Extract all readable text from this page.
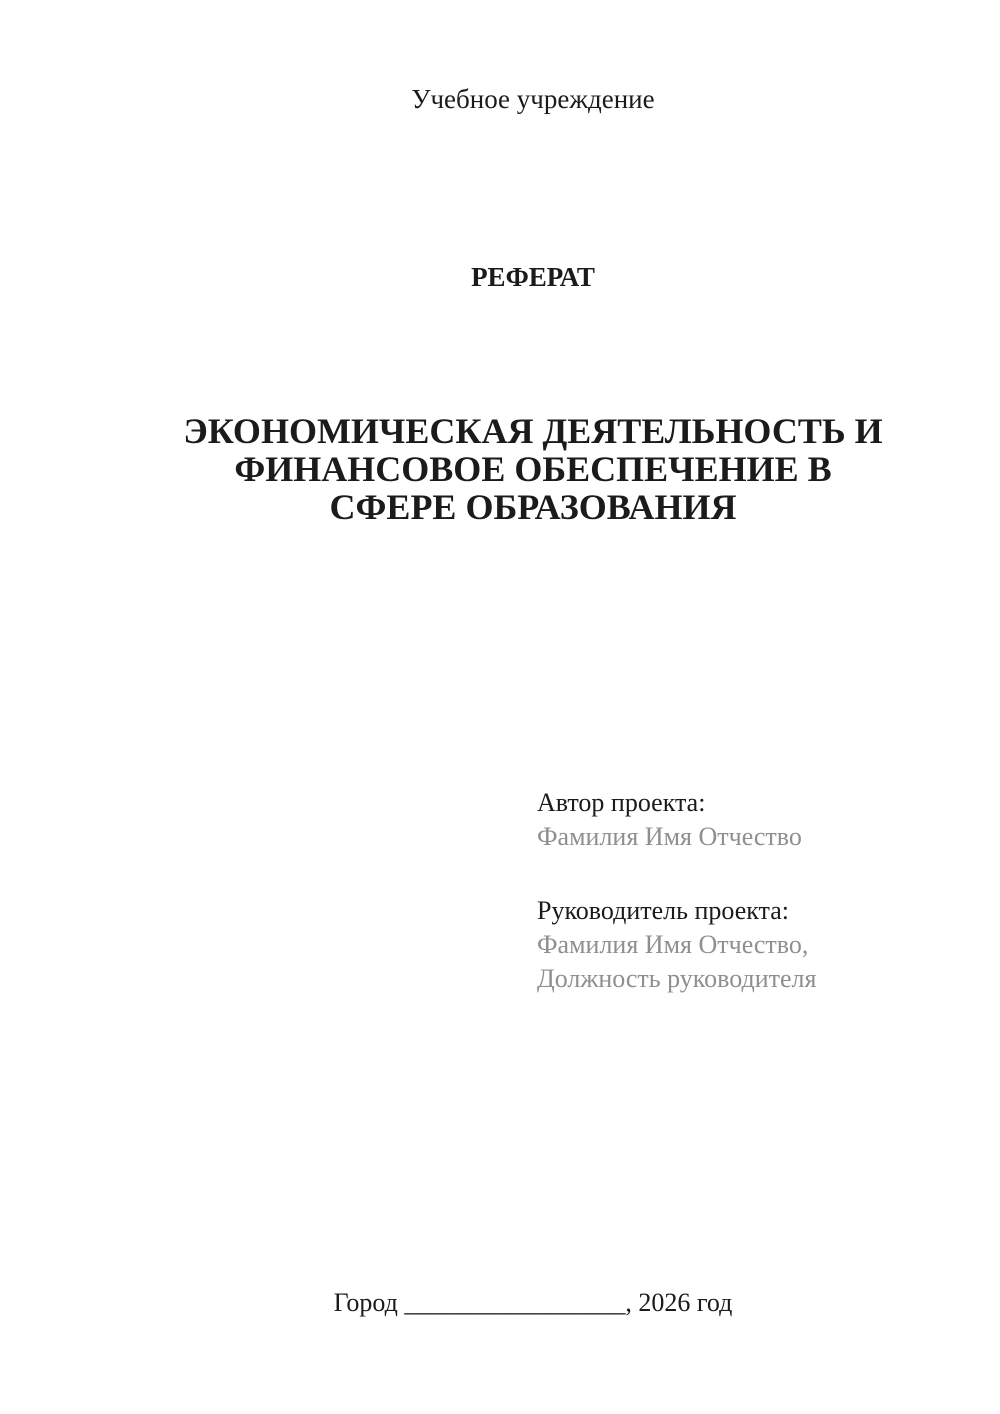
Учебное учреждение
РЕФЕРАТ
ЭКОНОМИЧЕСКАЯ ДЕЯТЕЛЬНОСТЬ И
ФИНАНСОВОЕ ОБЕСПЕЧЕНИЕ В
СФЕРЕ ОБРАЗОВАНИЯ
Автор проекта:
Фамилия Имя Отчество
Руководитель проекта:
Фамилия Имя Отчество,
Должность руководителя
Город _________________, 2026 год
